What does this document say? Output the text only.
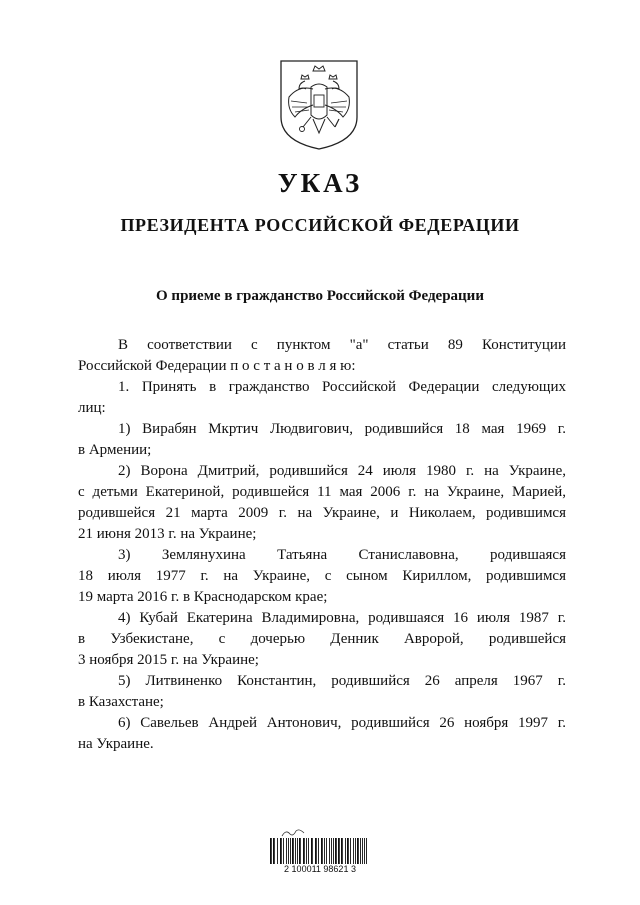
УКАЗ
ПРЕЗИДЕНТА РОССИЙСКОЙ ФЕДЕРАЦИИ
О приеме в гражданство Российской Федерации
В соответствии с пунктом "а" статьи 89 Конституции
Российской Федерации п о с т а н о в л я ю:
1. Принять в гражданство Российской Федерации следующих
лиц:
1) Вирабян Мкртич Людвигович, родившийся 18 мая 1969 г.
в Армении;
2) Ворона Дмитрий, родившийся 24 июля 1980 г. на Украине,
с детьми Екатериной, родившейся 11 мая 2006 г. на Украине, Марией,
родившейся 21 марта 2009 г. на Украине, и Николаем, родившимся
21 июня 2013 г. на Украине;
3) Землянухина Татьяна Станиславовна, родившаяся
18 июля 1977 г. на Украине, с сыном Кириллом, родившимся
19 марта 2016 г. в Краснодарском крае;
4) Кубай Екатерина Владимировна, родившаяся 16 июля 1987 г.
в Узбекистане, с дочерью Денник Авророй, родившейся
3 ноября 2015 г. на Украине;
5) Литвиненко Константин, родившийся 26 апреля 1967 г.
в Казахстане;
6) Савельев Андрей Антонович, родившийся 26 ноября 1997 г.
на Украине.
2 100011 98621 3
